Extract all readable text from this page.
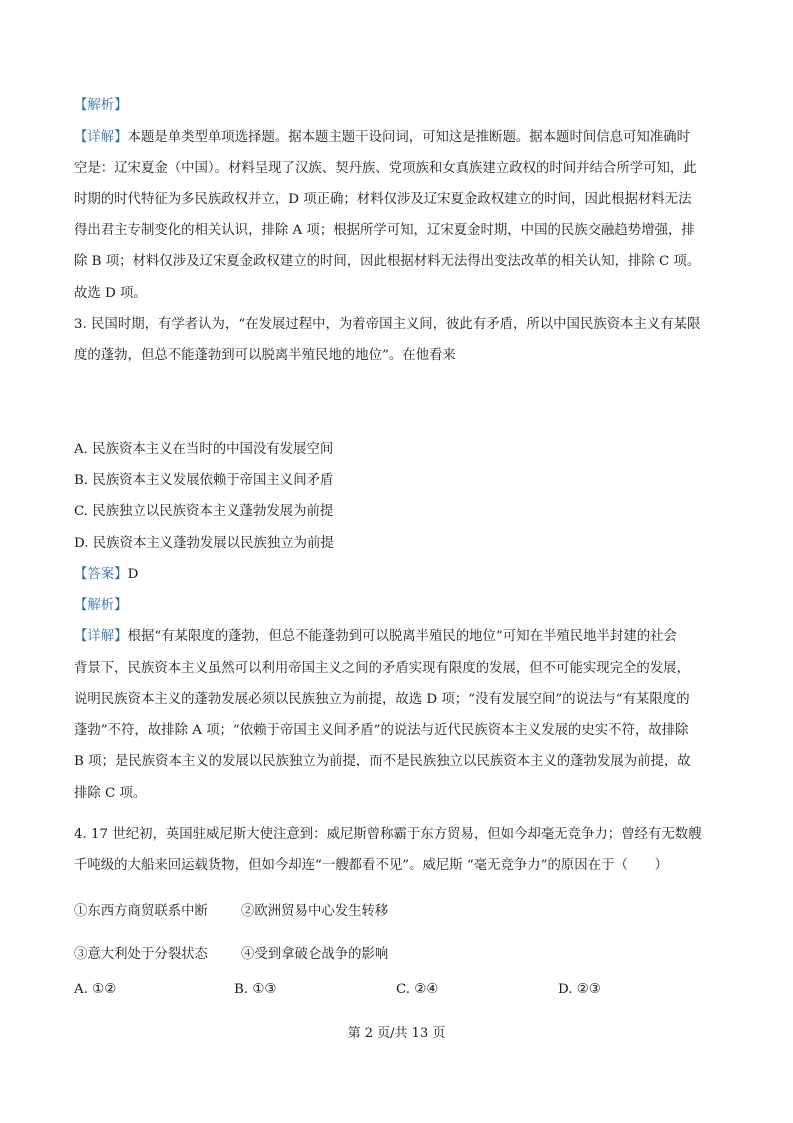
【解析】
【详解】本题是单类型单项选择题。据本题主题干设问词，可知这是推断题。据本题时间信息可知准确时
空是：辽宋夏金（中国）。材料呈现了汉族、契丹族、党项族和女真族建立政权的时间并结合所学可知，此
时期的时代特征为多民族政权并立，D 项正确；材料仅涉及辽宋夏金政权建立的时间，因此根据材料无法
得出君主专制变化的相关认识，排除 A 项；根据所学可知，辽宋夏金时期，中国的民族交融趋势增强，排
除 B 项；材料仅涉及辽宋夏金政权建立的时间，因此根据材料无法得出变法改革的相关认知，排除 C 项。
故选 D 项。
3. 民国时期，有学者认为，“在发展过程中，为着帝国主义间，彼此有矛盾，所以中国民族资本主义有某限
度的蓬勃，但总不能蓬勃到可以脱离半殖民地的地位”。在他看来
A. 民族资本主义在当时的中国没有发展空间
B. 民族资本主义发展依赖于帝国主义间矛盾
C. 民族独立以民族资本主义蓬勃发展为前提
D. 民族资本主义蓬勃发展以民族独立为前提
【答案】D
【解析】
【详解】根据“有某限度的蓬勃，但总不能蓬勃到可以脱离半殖民的地位”可知在半殖民地半封建的社会
背景下，民族资本主义虽然可以利用帝国主义之间的矛盾实现有限度的发展，但不可能实现完全的发展，
说明民族资本主义的蓬勃发展必须以民族独立为前提，故选 D 项；“没有发展空间”的说法与“有某限度的
蓬勃”不符，故排除 A 项；“依赖于帝国主义间矛盾”的说法与近代民族资本主义发展的史实不符，故排除
B 项；是民族资本主义的发展以民族独立为前提，而不是民族独立以民族资本主义的蓬勃发展为前提，故
排除 C 项。
4. 17 世纪初，英国驻威尼斯大使注意到：威尼斯曾称霸于东方贸易，但如今却毫无竞争力；曾经有无数艘
千吨级的大船来回运载货物，但如今却连“一艘都看不见”。威尼斯 “毫无竞争力”的原因在于（　　）
①东西方商贸联系中断 ②欧洲贸易中心发生转移
③意大利处于分裂状态 ④受到拿破仑战争的影响
A. ①②	B. ①③	C. ②④	D. ②③
第 2 页/共 13 页
